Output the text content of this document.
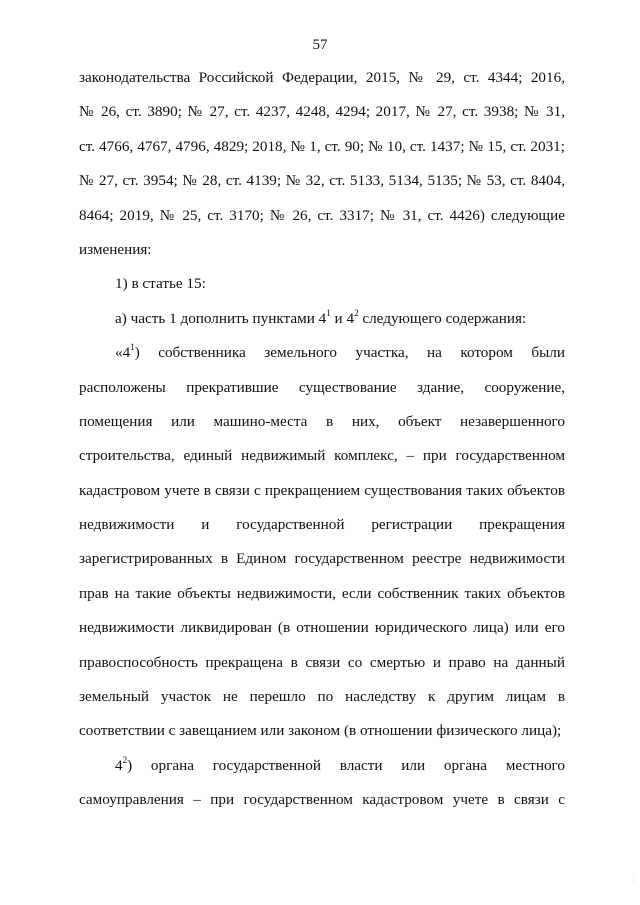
57
законодательства Российской Федерации, 2015, № 29, ст. 4344; 2016,
№ 26, ст. 3890; № 27, ст. 4237, 4248, 4294; 2017, № 27, ст. 3938; № 31,
ст. 4766, 4767, 4796, 4829; 2018, № 1, ст. 90; № 10, ст. 1437; № 15, ст. 2031;
№ 27, ст. 3954; № 28, ст. 4139; № 32, ст. 5133, 5134, 5135; № 53, ст. 8404,
8464; 2019, № 25, ст. 3170; № 26, ст. 3317; № 31, ст. 4426) следующие
изменения:
1) в статье 15:
а) часть 1 дополнить пунктами $4^1$ и $4^2$ следующего содержания:
«$4^1$) собственника земельного участка, на котором были
расположены прекратившие существование здание, сооружение,
помещения или машино-места в них, объект незавершенного
строительства, единый недвижимый комплекс, – при государственном
кадастровом учете в связи с прекращением существования таких объектов
недвижимости и государственной регистрации прекращения
зарегистрированных в Едином государственном реестре недвижимости
прав на такие объекты недвижимости, если собственник таких объектов
недвижимости ликвидирован (в отношении юридического лица) или его
правоспособность прекращена в связи со смертью и право на данный
земельный участок не перешло по наследству к другим лицам в
соответствии с завещанием или законом (в отношении физического лица);
$4^2$) органа государственной власти или органа местного
самоуправления – при государственном кадастровом учете в связи с
·
·
